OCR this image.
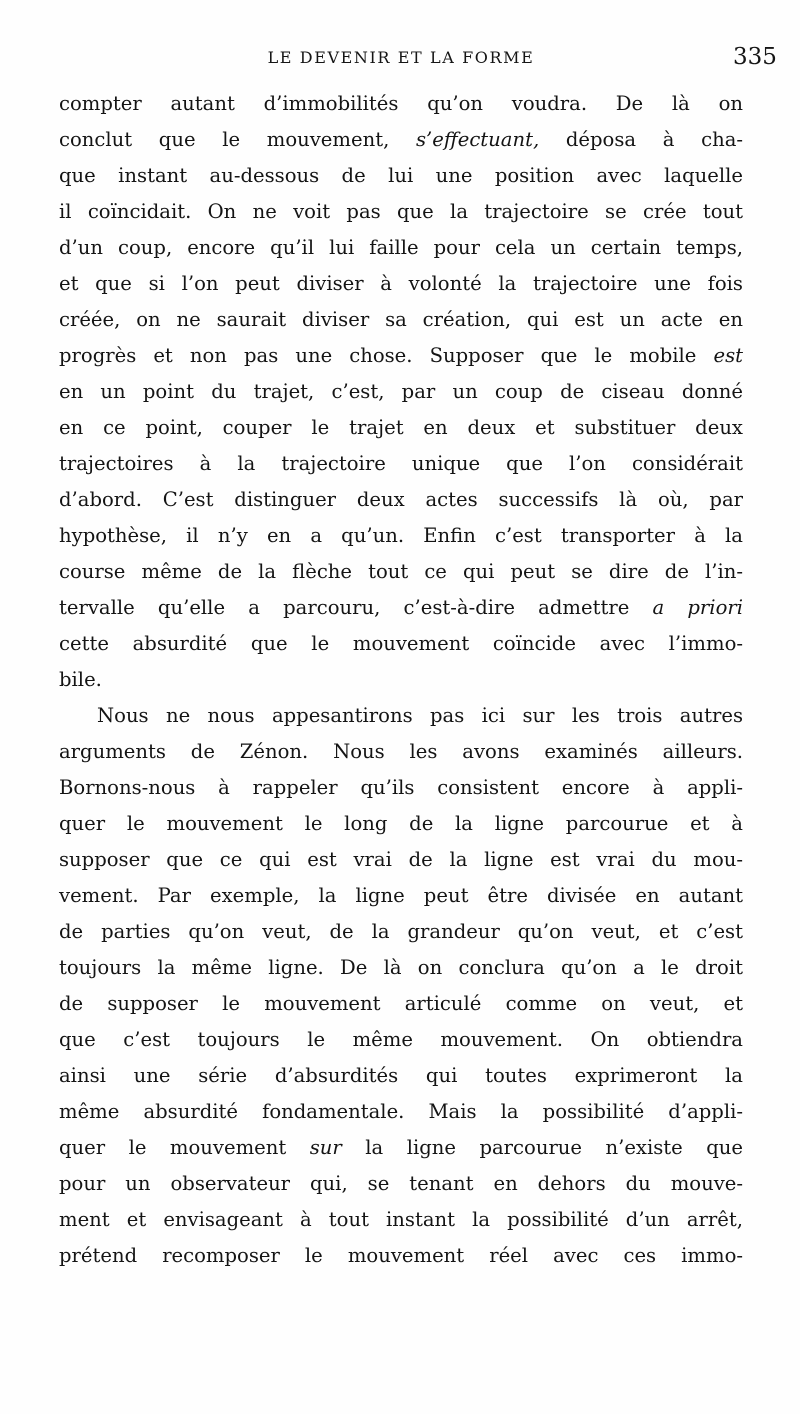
LE DEVENIR ET LA FORME	335
compter autant d’immobilités qu’on voudra. De là on
conclut que le mouvement, s’effectuant, déposa à cha-
que instant au-dessous de lui une position avec laquelle
il coïncidait. On ne voit pas que la trajectoire se crée tout
d’un coup, encore qu’il lui faille pour cela un certain temps,
et que si l’on peut diviser à volonté la trajectoire une fois
créée, on ne saurait diviser sa création, qui est un acte en
progrès et non pas une chose. Supposer que le mobile est
en un point du trajet, c’est, par un coup de ciseau donné
en ce point, couper le trajet en deux et substituer deux
trajectoires à la trajectoire unique que l’on considérait
d’abord. C’est distinguer deux actes successifs là où, par
hypothèse, il n’y en a qu’un. Enfin c’est transporter à la
course même de la flèche tout ce qui peut se dire de l’in-
tervalle qu’elle a parcouru, c’est-à-dire admettre a priori
cette absurdité que le mouvement coïncide avec l’immo-
bile.
Nous ne nous appesantirons pas ici sur les trois autres
arguments de Zénon. Nous les avons examinés ailleurs.
Bornons-nous à rappeler qu’ils consistent encore à appli-
quer le mouvement le long de la ligne parcourue et à
supposer que ce qui est vrai de la ligne est vrai du mou-
vement. Par exemple, la ligne peut être divisée en autant
de parties qu’on veut, de la grandeur qu’on veut, et c’est
toujours la même ligne. De là on conclura qu’on a le droit
de supposer le mouvement articulé comme on veut, et
que c’est toujours le même mouvement. On obtiendra
ainsi une série d’absurdités qui toutes exprimeront la
même absurdité fondamentale. Mais la possibilité d’appli-
quer le mouvement sur la ligne parcourue n’existe que
pour un observateur qui, se tenant en dehors du mouve-
ment et envisageant à tout instant la possibilité d’un arrêt,
prétend recomposer le mouvement réel avec ces immo-
